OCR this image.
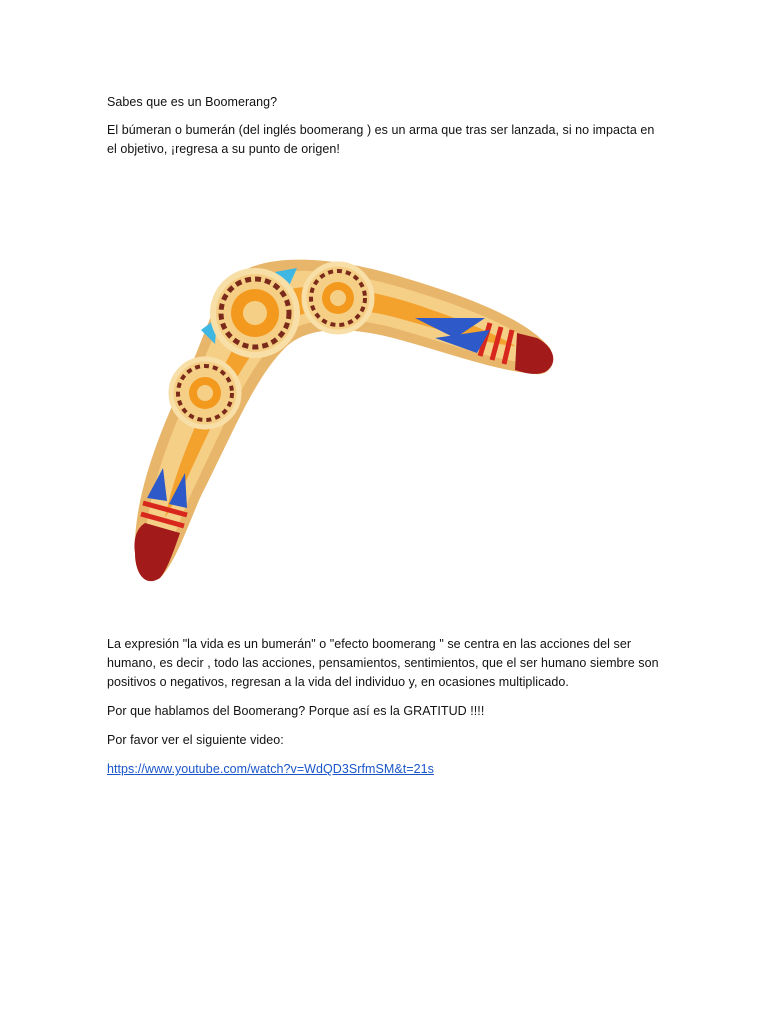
Sabes que es un Boomerang?
El búmeran o bumerán (del inglés boomerang ) es un arma que tras ser lanzada, si no impacta en el objetivo, ¡regresa a su punto de origen!
La expresión "la vida es un bumerán" o "efecto boomerang " se centra en las acciones del ser humano, es decir , todo las acciones, pensamientos, sentimientos, que el ser humano siembre son positivos o negativos, regresan a la vida del individuo y, en ocasiones multiplicado.
Por que hablamos del Boomerang? Porque así es la GRATITUD !!!!
Por favor ver el siguiente video:
https://www.youtube.com/watch?v=WdQD3SrfmSM&t=21s
